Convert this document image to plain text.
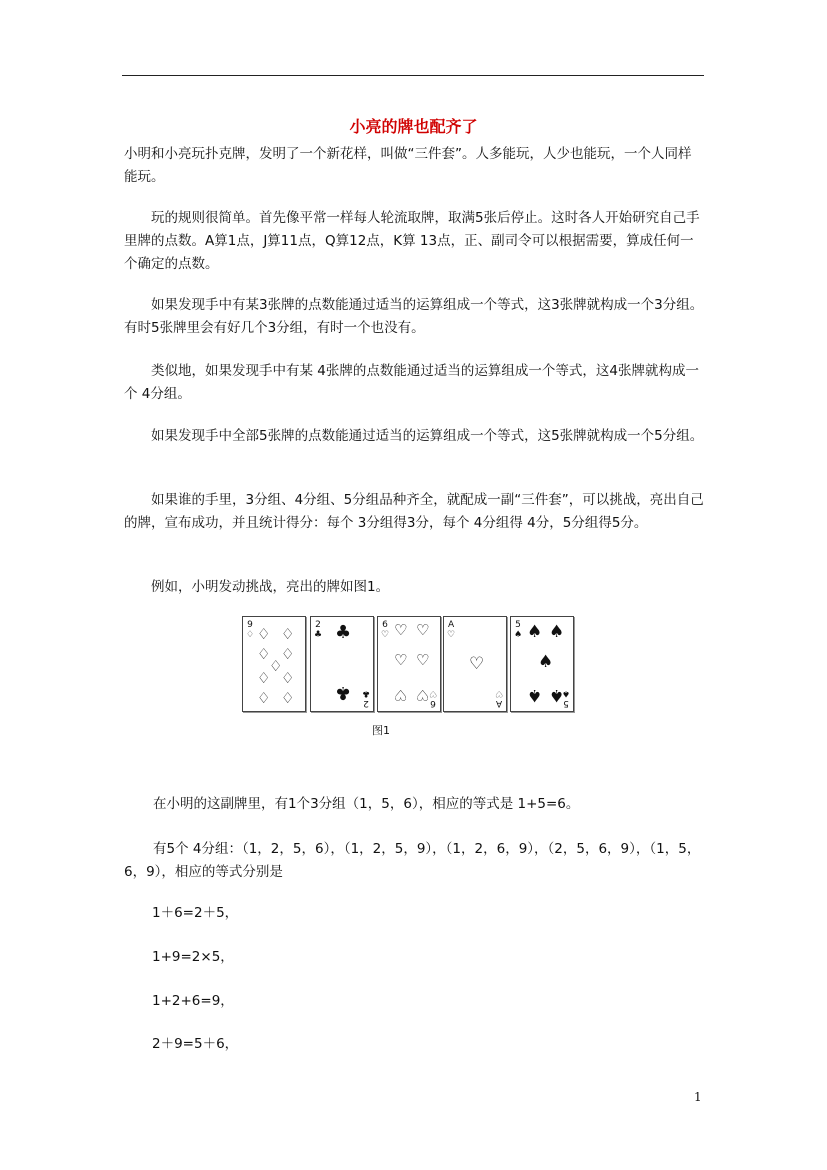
小亮的牌也配齐了
小明和小亮玩扑克牌，发明了一个新花样，叫做“三件套”。人多能玩，人少也能玩，一个人同样能玩。
玩的规则很简单。首先像平常一样每人轮流取牌，取满5张后停止。这时各人开始研究自己手里牌的点数。A算1点，J算11点，Q算12点，K算 13点，正、副司令可以根据需要，算成任何一个确定的点数。
如果发现手中有某3张牌的点数能通过适当的运算组成一个等式，这3张牌就构成一个3分组。有时5张牌里会有好几个3分组，有时一个也没有。
类似地，如果发现手中有某 4张牌的点数能通过适当的运算组成一个等式，这4张牌就构成一个 4分组。
如果发现手中全部5张牌的点数能通过适当的运算组成一个等式，这5张牌就构成一个5分组。
如果谁的手里，3分组、4分组、5分组品种齐全，就配成一副“三件套”，可以挑战，亮出自己的牌，宣布成功，并且统计得分：每个 3分组得3分，每个 4分组得 4分，5分组得5分。
例如，小明发动挑战，亮出的牌如图1。
9
♢ ♢ ♢
♢ ♢
♢
♢ ♢
♢ ♢
2
♣ ♣
♣ 2
♣
6
♡ ♡ ♡
♡ ♡
♡ ♡ 6
♡
A
♡
♡
A
♡
5
♠ ♠ ♠
♠
♠ ♠
5
♠
图1
在小明的这副牌里，有1个3分组（1，5，6），相应的等式是 1+5=6。
有5个 4分组：（1，2，5，6），（1，2，5，9），（1，2，6，9），（2，5，6，9），（1，5，6，9），相应的等式分别是
1＋6=2＋5，
1+9=2×5，
1+2+6=9，
2＋9=5＋6，
1
